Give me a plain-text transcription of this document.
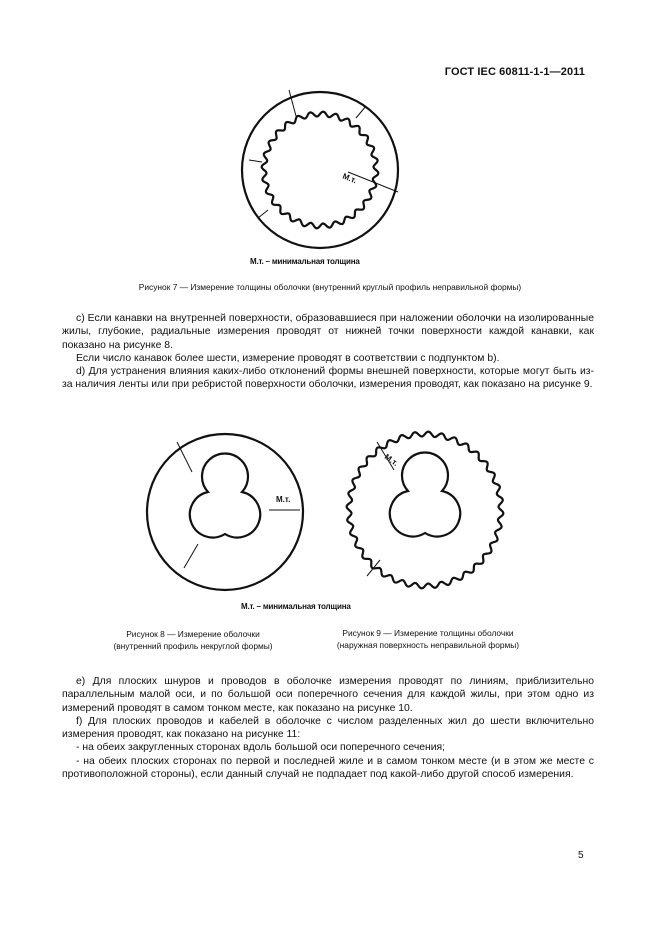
ГОСТ IEC 60811-1-1—2011
М.т.
М.т. – минимальная толщина
Рисунок 7 — Измерение толщины оболочки (внутренний круглый профиль неправильной формы)

c) Если канавки на внутренней поверхности, образовавшиеся при наложении оболочки на изолированные жилы, глубокие, радиальные измерения проводят от нижней точки поверхности каждой канавки, как показано на рисунке 8.

Если число канавок более шести, измерение проводят в соответствии с подпунктом b).

d) Для устранения влияния каких-либо отклонений формы внешней поверхности, которые могут быть из-за наличия ленты или при ребристой поверхности оболочки, измерения проводят, как показано на рисунке 9.

М.т.
М.т.
М.т. – минимальная толщина
Рисунок 8 — Измерение оболочки
(внутренний профиль некруглой формы)
Рисунок 9 — Измерение толщины оболочки
(наружная поверхность неправильной формы)

e) Для плоских шнуров и проводов в оболочке измерения проводят по линиям, приблизительно параллельным малой оси, и по большой оси поперечного сечения для каждой жилы, при этом одно из измерений проводят в самом тонком месте, как показано на рисунке 10.

f) Для плоских проводов и кабелей в оболочке с числом разделенных жил до шести включительно измерения проводят, как показано на рисунке 11:

- на обеих закругленных сторонах вдоль большой оси поперечного сечения;

- на обеих плоских сторонах по первой и последней жиле и в самом тонком месте (и в этом же месте с противоположной стороны), если данный случай не подпадает под какой-либо другой способ измерения.

5
